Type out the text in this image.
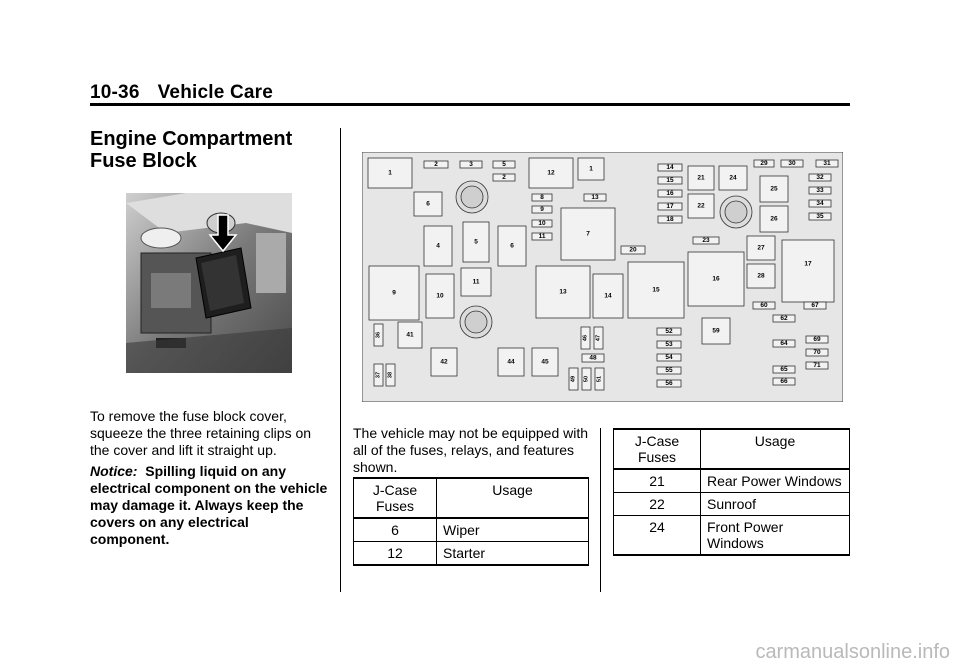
10-36 Vehicle Care
Engine Compartment
Fuse Block
To remove the fuse block cover, squeeze the three retaining clips on the cover and lift it straight up.
Notice: Spilling liquid on any electrical component on the vehicle may damage it. Always keep the covers on any electrical component.
1
2	3	5
2
12
1
6
8	13
9
10
11	7
4
5
6
20
14
15
16
17
18
21	24
22
29	30	31
32
33
34
35
25
26
23
27
28
17
9	10
11
13
14
15
16
60	67
62
69
70
71
64
65
66
59
52
53
54
55
56
36	41
37 38
42	44	45
46 47
48
49 50 51
The vehicle may not be equipped with all of the fuses, relays, and features shown.
J-Case Fuses	Usage
6	Wiper
12	Starter
J-Case Fuses	Usage
21	Rear Power Windows
22	Sunroof
24	Front Power Windows
carmanualsonline.info
